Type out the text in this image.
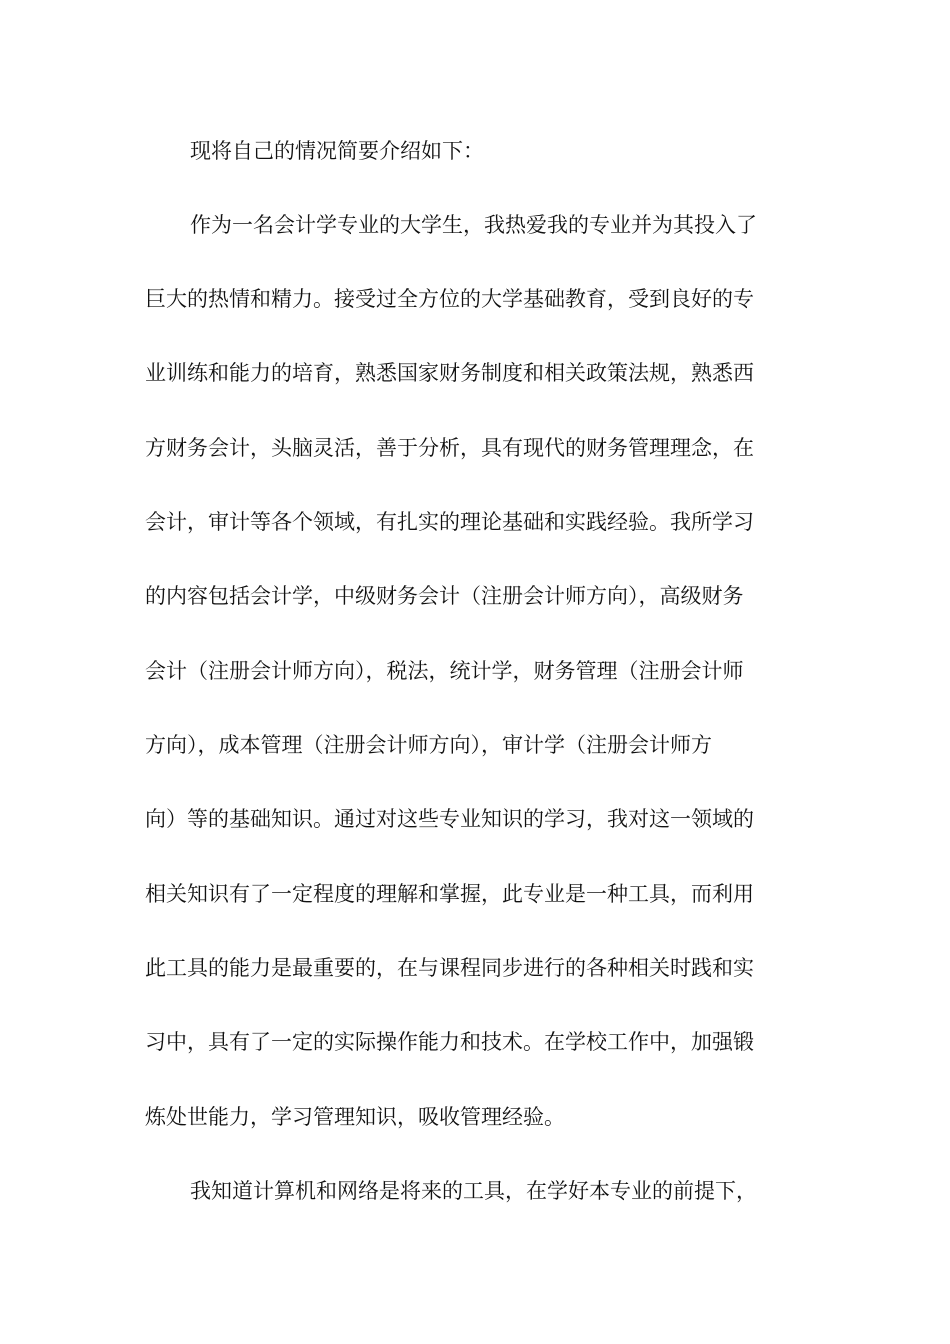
现将自己的情况简要介绍如下：
作为一名会计学专业的大学生，我热爱我的专业并为其投入了
巨大的热情和精力。接受过全方位的大学基础教育，受到良好的专
业训练和能力的培育，熟悉国家财务制度和相关政策法规，熟悉西
方财务会计，头脑灵活，善于分析，具有现代的财务管理理念，在
会计，审计等各个领域，有扎实的理论基础和实践经验。我所学习
的内容包括会计学，中级财务会计（注册会计师方向），高级财务
会计（注册会计师方向），税法，统计学，财务管理（注册会计师
方向），成本管理（注册会计师方向），审计学（注册会计师方
向）等的基础知识。通过对这些专业知识的学习，我对这一领域的
相关知识有了一定程度的理解和掌握，此专业是一种工具，而利用
此工具的能力是最重要的，在与课程同步进行的各种相关时践和实
习中，具有了一定的实际操作能力和技术。在学校工作中，加强锻
炼处世能力，学习管理知识，吸收管理经验。
我知道计算机和网络是将来的工具，在学好本专业的前提下，
